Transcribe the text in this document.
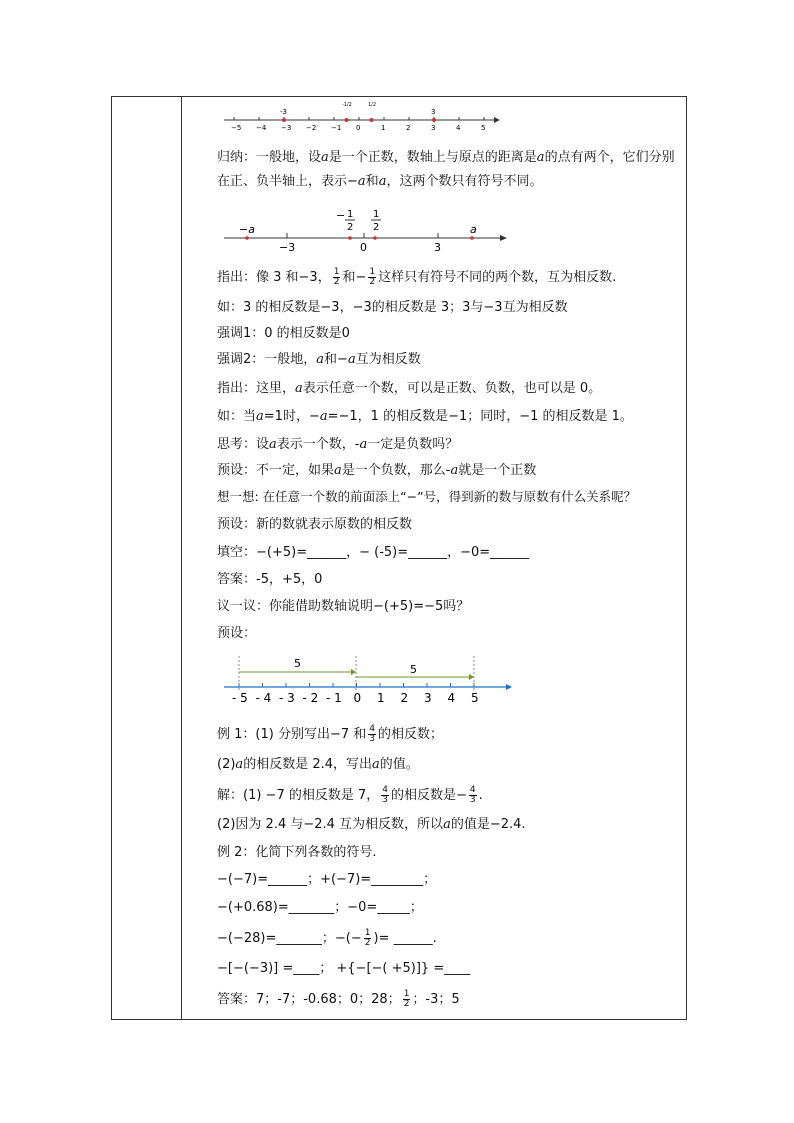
−5 −4 −3 −2 −1 0	1	2	3	4	5
-3
-1/2	1/2
3
归纳：一般地，设a是一个正数，数轴上与原点的距离是a的点有两个，它们分别在正、负半轴上，表示−a和a，这两个数只有符号不同。
−a	a
−3	0	3
− 1
2
1
2
指出：像 3 和−3， $\frac{1}{2}$ 和− $\frac{1}{2}$ 这样只有符号不同的两个数，互为相反数.
如：3 的相反数是−3，−3的相反数是 3；3与−3互为相反数
强调1：0 的相反数是0
强调2：一般地，a和−a互为相反数
指出：这里，a表示任意一个数，可以是正数、负数，也可以是 0。
如：当a=1时，−a=−1，1 的相反数是−1；同时，−1 的相反数是 1。
思考：设a表示一个数，-a一定是负数吗？
预设：不一定，如果a是一个负数，那么-a就是一个正数
想一想: 在任意一个数的前面添上“−”号，得到新的数与原数有什么关系呢？
预设：新的数就表示原数的相反数
填空：−(+5)=______，− (-5)=______，−0=______
答案：-5，+5，0
议一议：你能借助数轴说明−(+5)=−5吗？
预设：
5	5
- 5 - 4 - 3 - 2 - 1 0 1 2 3 4 5
例 1：(1) 分别写出−7 和 $\frac{4}{3}$ 的相反数；
(2)a的相反数是 2.4，写出a的值。
解：(1) −7 的相反数是 7， $\frac{4}{3}$ 的相反数是− $\frac{4}{3}$ .
(2)因为 2.4 与−2.4 互为相反数，所以a的值是−2.4.
例 2：化简下列各数的符号.
−(−7)=______；+(−7)=________；
−(+0.68)=_______；−0=_____；
−(−28)=_______；−(− $\frac{1}{2}$ )= ______.
−[−(−3)] =____； +{−[−( +5)]} =____
答案：7；-7；-0.68；0；28； $\frac{1}{2}$ ；-3；5
